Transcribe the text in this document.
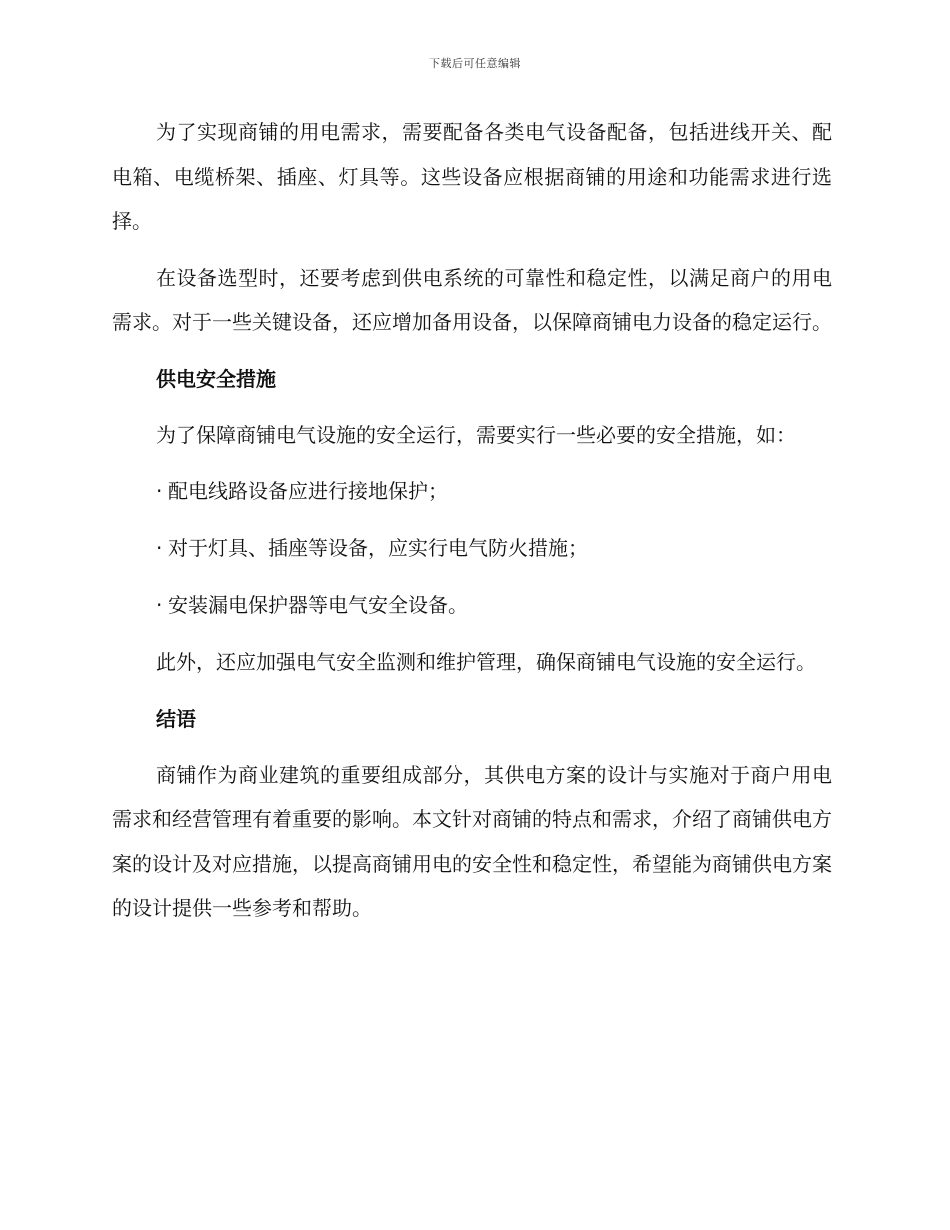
下载后可任意编辑

为了实现商铺的用电需求，需要配备各类电气设备配备，包括进线开关、配电箱、电缆桥架、插座、灯具等。这些设备应根据商铺的用途和功能需求进行选择。

在设备选型时，还要考虑到供电系统的可靠性和稳定性，以满足商户的用电需求。对于一些关键设备，还应增加备用设备，以保障商铺电力设备的稳定运行。

供电安全措施

为了保障商铺电气设施的安全运行，需要实行一些必要的安全措施，如：

· 配电线路设备应进行接地保护；
· 对于灯具、插座等设备，应实行电气防火措施；
· 安装漏电保护器等电气安全设备。

此外，还应加强电气安全监测和维护管理，确保商铺电气设施的安全运行。

结语

商铺作为商业建筑的重要组成部分，其供电方案的设计与实施对于商户用电需求和经营管理有着重要的影响。本文针对商铺的特点和需求，介绍了商铺供电方案的设计及对应措施，以提高商铺用电的安全性和稳定性，希望能为商铺供电方案的设计提供一些参考和帮助。
